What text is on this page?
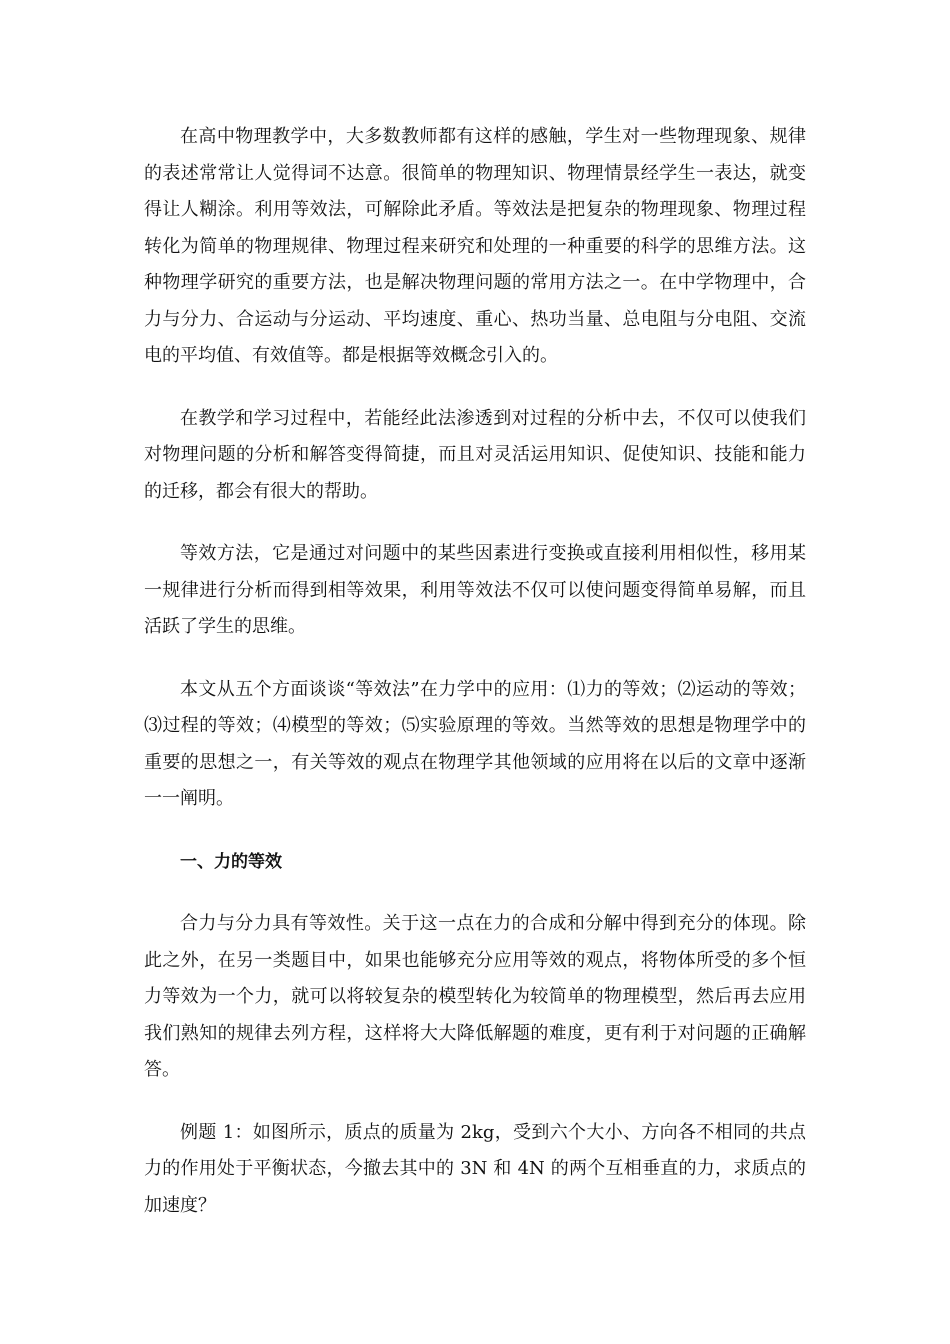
在高中物理教学中，大多数教师都有这样的感触，学生对一些物理现象、规律的表述常常让人觉得词不达意。很简单的物理知识、物理情景经学生一表达，就变得让人糊涂。利用等效法，可解除此矛盾。等效法是把复杂的物理现象、物理过程转化为简单的物理规律、物理过程来研究和处理的一种重要的科学的思维方法。这种物理学研究的重要方法，也是解决物理问题的常用方法之一。在中学物理中，合力与分力、合运动与分运动、平均速度、重心、热功当量、总电阻与分电阻、交流电的平均值、有效值等。都是根据等效概念引入的。

在教学和学习过程中，若能经此法渗透到对过程的分析中去，不仅可以使我们对物理问题的分析和解答变得简捷，而且对灵活运用知识、促使知识、技能和能力的迁移，都会有很大的帮助。

等效方法，它是通过对问题中的某些因素进行变换或直接利用相似性，移用某一规律进行分析而得到相等效果，利用等效法不仅可以使问题变得简单易解，而且活跃了学生的思维。

本文从五个方面谈谈“等效法”在力学中的应用：⑴力的等效；⑵运动的等效；⑶过程的等效；⑷模型的等效；⑸实验原理的等效。当然等效的思想是物理学中的重要的思想之一，有关等效的观点在物理学其他领域的应用将在以后的文章中逐渐一一阐明。

一、力的等效

合力与分力具有等效性。关于这一点在力的合成和分解中得到充分的体现。除此之外，在另一类题目中，如果也能够充分应用等效的观点，将物体所受的多个恒力等效为一个力，就可以将较复杂的模型转化为较简单的物理模型，然后再去应用我们熟知的规律去列方程，这样将大大降低解题的难度，更有利于对问题的正确解答。

例题 1：如图所示，质点的质量为 2kg，受到六个大小、方向各不相同的共点力的作用处于平衡状态，今撤去其中的 3N 和 4N 的两个互相垂直的力，求质点的加速度？
